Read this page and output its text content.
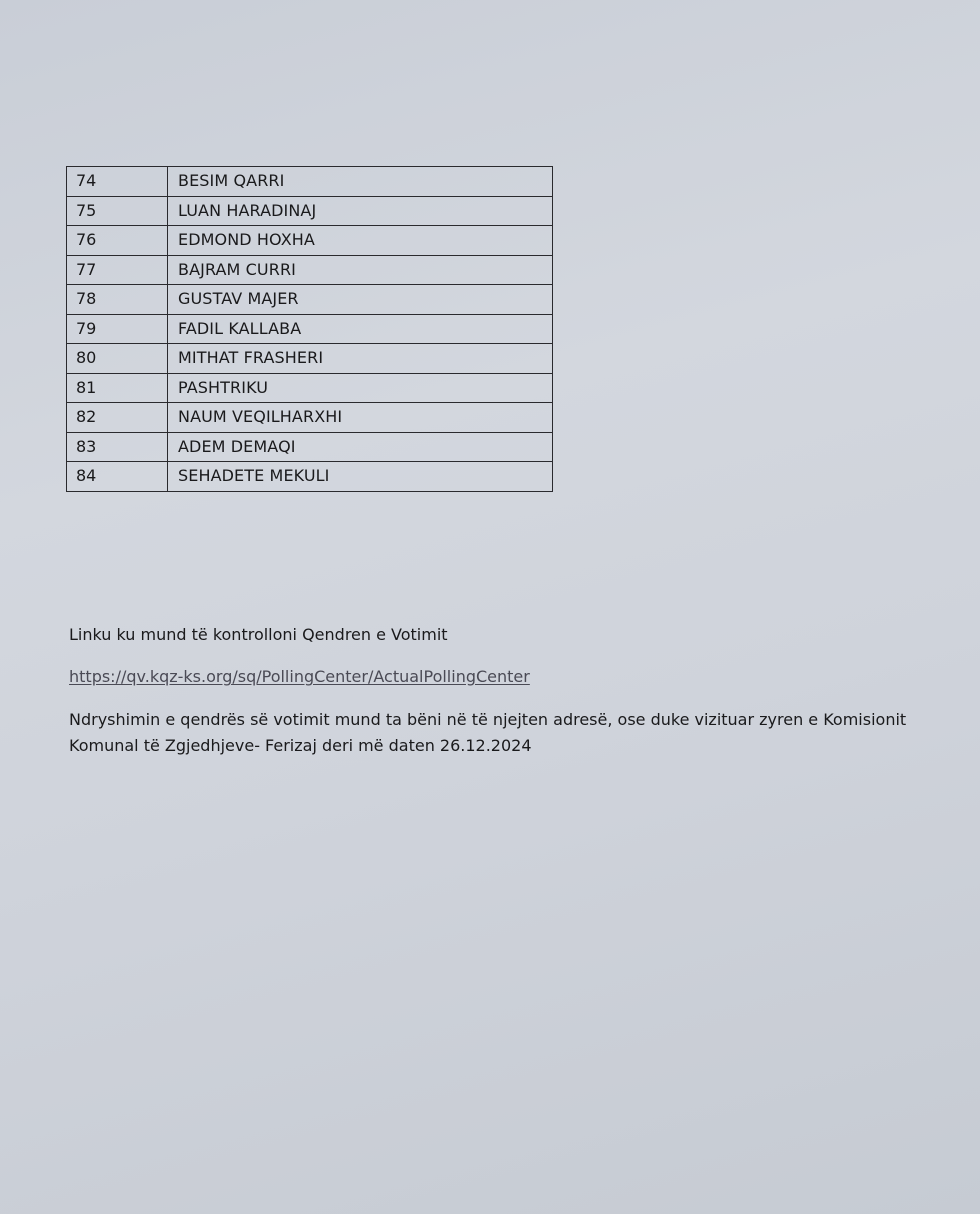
74	BESIM QARRI
75	LUAN HARADINAJ
76	EDMOND HOXHA
77	BAJRAM CURRI
78	GUSTAV MAJER
79	FADIL KALLABA
80	MITHAT FRASHERI
81	PASHTRIKU
82	NAUM VEQILHARXHI
83	ADEM DEMAQI
84	SEHADETE MEKULI
Linku ku mund të kontrolloni Qendren e Votimit
https://qv.kqz-ks.org/sq/PollingCenter/ActualPollingCenter
Ndryshimin e qendrës së votimit mund ta bëni në të njejten adresë, ose duke vizituar zyren e Komisionit Komunal të Zgjedhjeve- Ferizaj deri më daten 26.12.2024
